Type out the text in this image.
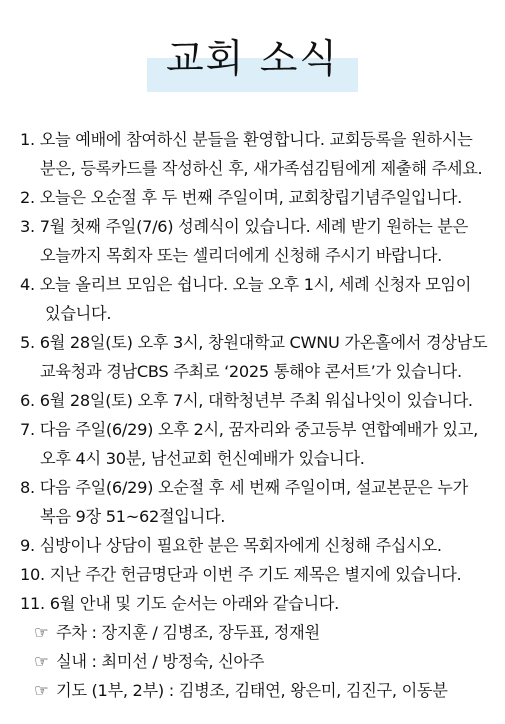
교회 소식
1. 오늘 예배에 참여하신 분들을 환영합니다. 교회등록을 원하시는
분은, 등록카드를 작성하신 후, 새가족섬김팀에게 제출해 주세요.
2. 오늘은 오순절 후 두 번째 주일이며, 교회창립기념주일입니다.
3. 7월 첫째 주일(7/6) 성례식이 있습니다. 세례 받기 원하는 분은
오늘까지 목회자 또는 셀리더에게 신청해 주시기 바랍니다.
4. 오늘 올리브 모임은 쉽니다. 오늘 오후 1시, 세례 신청자 모임이
있습니다.
5. 6월 28일(토) 오후 3시, 창원대학교 CWNU 가온홀에서 경상남도
교육청과 경남CBS 주최로 ‘2025 통해야 콘서트’가 있습니다.
6. 6월 28일(토) 오후 7시, 대학청년부 주최 워십나잇이 있습니다.
7. 다음 주일(6/29) 오후 2시, 꿈자리와 중고등부 연합예배가 있고,
오후 4시 30분, 남선교회 헌신예배가 있습니다.
8. 다음 주일(6/29) 오순절 후 세 번째 주일이며, 설교본문은 누가
복음 9장 51~62절입니다.
9. 심방이나 상담이 필요한 분은 목회자에게 신청해 주십시오.
10. 지난 주간 헌금명단과 이번 주 기도 제목은 별지에 있습니다.
11. 6월 안내 및 기도 순서는 아래와 같습니다.
☞ 주차 : 장지훈 / 김병조, 장두표, 정재원
☞ 실내 : 최미선 / 방정숙, 신아주
☞ 기도 (1부, 2부) : 김병조, 김태연, 왕은미, 김진구, 이동분
